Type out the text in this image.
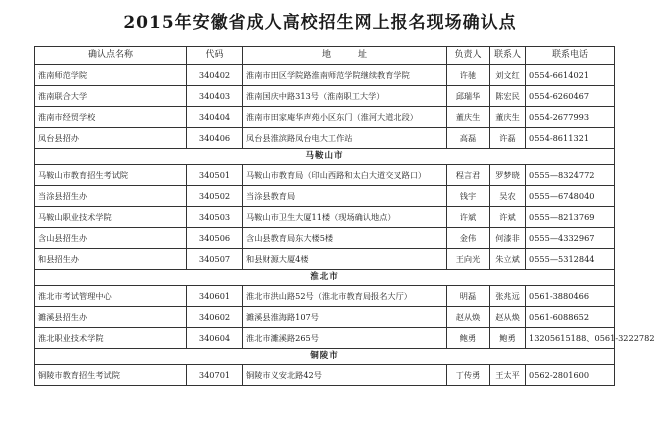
2015年安徽省成人高校招生网上报名现场确认点
确认点名称	代码	地　　　址	负责人	联系人	联系电话
淮南师范学院	340402	淮南市田区学院路淮南师范学院继续教育学院	许驰	刘文红	0554-6614021
淮南联合大学	340403	淮南国庆中路313号（淮南职工大学）	邱瑞华	陈宏民	0554-6260467
淮南市经贸学校	340404	淮南市田家庵华声苑小区东门（淮河大道北段）	董庆生	董庆生	0554-2677993
凤台县招办	340406	凤台县淮滨路凤台电大工作站	高磊	许磊	0554-8611321
马鞍山市					
马鞍山市教育招生考试院	340501	马鞍山市教育局（印山西路和太白大道交叉路口）	程言君	罗梦晓	0555—8324772
当涂县招生办	340502	当涂县教育局	钱宇	吴农	0555—6748040
马鞍山职业技术学院	340503	马鞍山市卫生大厦11楼（现场确认地点）	许斌	许斌	0555—8213769
含山县招生办	340506	含山县教育局东大楼5楼	金伟	何漆非	0555—4332967
和县招生办	340507	和县财源大厦4楼	王向光	朱立斌	0555—5312844
淮北市					
淮北市考试管理中心	340601	淮北市洪山路52号（淮北市教育局报名大厅）	明磊	张兆远	0561-3880466
濉溪县招生办	340602	濉溪县淮海路107号	赵从焕	赵从焕	0561-6088652
淮北职业技术学院	340604	淮北市濉溪路265号	鲍勇	鲍勇	13205615188、0561-3222782
铜陵市					
铜陵市教育招生考试院	340701	铜陵市义安北路42号	丁传勇	王太平	0562-2801600
